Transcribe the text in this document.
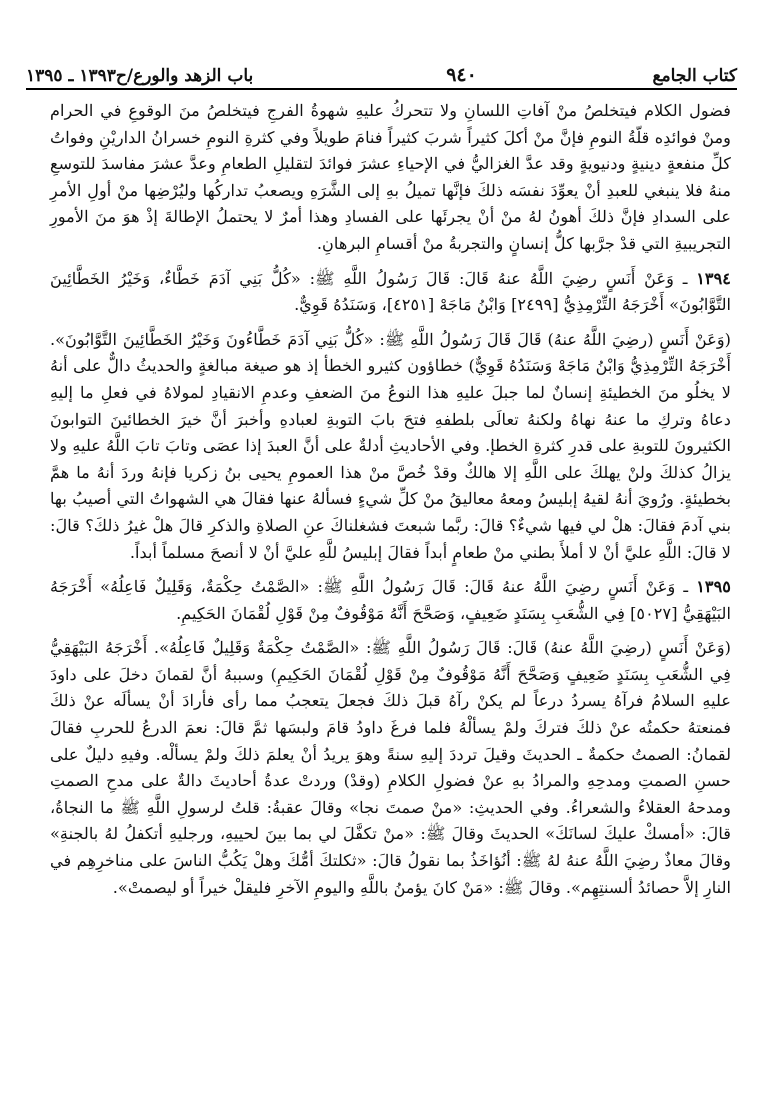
كتاب الجامع
٩٤٠
باب الزهد والورع/ح١٣٩٣ ـ ١٣٩٥

فضول الكلام فيتخلصُ منْ آفاتِ اللسانِ ولا تتحركُ عليهِ شهوةُ الفرجِ فيتخلصُ منَ الوقوعِ في الحرام ومنْ فوائدِه قلّةُ النومِ فإنَّ منْ أكلَ كثيراً شربَ كثيراً فنامَ طويلاً وفي كثرةِ النومِ خسرانُ الداريْنِ وفواتُ كلِّ منفعةٍ دينيةٍ ودنيويةٍ وقد عدَّ الغزاليُّ في الإحياءِ عشرَ فوائدَ لتقليلِ الطعامِ وعدَّ عشرَ مفاسدَ للتوسعِ منهُ فلا ينبغي للعبدِ أنْ يعوِّدَ نفسَه ذلكَ فإنَّها تميلُ بهِ إلى الشَّرَهِ ويصعبُ تداركُها وليُرْضِها منْ أولِ الأمرِ على السدادِ فإنَّ ذلكَ أهونُ لهُ منْ أنْ يجرئَها على الفسادِ وهذا أمرٌ لا يحتملُ الإطالةَ إذْ هوَ منَ الأمورِ التجريبيةِ التي قدْ جرَّبها كلُّ إنسانٍ والتجربةُ منْ أقسامِ البرهانِ.

١٣٩٤ ـ وَعَنْ أَنَسٍ رضِيَ اللَّهُ عنهُ قَالَ: قَالَ رَسُولُ اللَّهِ ﷺ: «كُلُّ بَنِي آدَمَ خَطَّاءٌ، وَخَيْرُ الخَطَّائِينَ التَّوَّابُونَ» أَخْرَجَهُ التِّرْمِذِيُّ [٢٤٩٩] وَابْنُ مَاجَهْ [٤٢٥١]، وَسَنَدُهُ قَوِيٌّ.

(وَعَنْ أَنَسٍ (رضِيَ اللَّهُ عنهُ) قَالَ قَالَ رَسُولُ اللَّهِ ﷺ: «كُلُّ بَنِي آدَمَ خَطَّاءُونَ وَخَيْرُ الخَطَّائِينَ التَّوَّابُونَ». أَخْرَجَهُ التِّرْمِذِيُّ وَابْنُ مَاجَهْ وَسَنَدُهُ قَوِيٌّ) خطاؤون كثيرو الخطأ إذ هو صيغة مبالغةٍ والحديثُ دالٌّ على أنهُ لا يخلُو منَ الخطيئةِ إنسانٌ لما جبلَ عليهِ هذا النوعُ منَ الضعفِ وعدمِ الانقيادِ لمولاهُ في فعلِ ما إليهِ دعاهُ وتركِ ما عنهُ نهاهُ ولكنهُ تعالَى بلطفهِ فتحَ بابَ التوبةِ لعبادهِ وأخبرَ أنَّ خيرَ الخطائينَ التوابونَ الكثيرونَ للتوبةِ على قدرِ كثرةِ الخطإ. وفي الأحاديثِ أدلةٌ على أنَّ العبدَ إذا عصَى وتابَ تابَ اللَّهُ عليهِ ولا يزالُ كذلكَ ولنْ يهلكَ على اللَّهِ إلا هالكٌ وقدْ خُصَّ منْ هذا العمومِ يحيى بنُ زكريا فإنهُ وردَ أنهُ ما همَّ بخطيئةٍ. ورُويَ أنهُ لقيهُ إبليسُ ومعهُ معاليقُ منْ كلِّ شيءٍ فسألهُ عنها فقالَ هي الشهواتُ التي أصيبُ بها بني آدمَ فقالَ: هلْ لي فيها شيءٌ؟ قالَ: ربَّما شبعتَ فشغلناكَ عنِ الصلاةِ والذكرِ قالَ هلْ غيرُ ذلكَ؟ قالَ: لا قالَ: اللَّهِ عليَّ أنْ لا أملأَ بطني منْ طعامٍ أبداً فقالَ إبليسُ للَّهِ عليَّ أنْ لا أنصحَ مسلماً أبداً.

١٣٩٥ ـ وَعَنْ أَنَسٍ رضِيَ اللَّهُ عنهُ قَالَ: قَالَ رَسُولُ اللَّهِ ﷺ: «الصَّمْتُ حِكْمَةٌ، وَقَلِيلٌ فَاعِلُهُ» أَخْرَجَهُ البَيْهَقِيُّ [٥٠٢٧] فِي الشُّعَبِ بِسَنَدٍ ضَعِيفٍ، وَصَحَّحَ أَنَّهُ مَوْقُوفٌ مِنْ قَوْلِ لُقْمَانَ الحَكِيمِ.

(وَعَنْ أَنَسٍ (رضِيَ اللَّهُ عنهُ) قَالَ: قَالَ رَسُولُ اللَّهِ ﷺ: «الصَّمْتُ حِكْمَةٌ وَقَلِيلٌ فَاعِلُهُ». أَخْرَجَهُ البَيْهَقِيُّ فِي الشُّعَبِ بِسَنَدٍ ضَعِيفٍ وَصَحَّحَ أَنَّهُ مَوْقُوفٌ مِنْ قَوْلِ لُقْمَانَ الحَكِيمِ) وسببهُ أنَّ لقمانَ دخلَ على داودَ عليهِ السلامُ فرآهُ يسردُ درعاً لم يكنْ رآهُ قبلَ ذلكَ فجعلَ يتعجبُ مما رأى فأرادَ أنْ يسألَه عنْ ذلكَ فمنعتهُ حكمتُه عنْ ذلكَ فتركَ ولمْ يسألْهُ فلما فرغَ داودُ قامَ ولبسَها ثمَّ قالَ: نعمَ الدرعُ للحربِ فقالَ لقمانُ: الصمتُ حكمةٌ ـ الحديثَ وقيلَ ترددَ إليهِ سنةً وهوَ يريدُ أنْ يعلمَ ذلكَ ولمْ يسألْه. وفيهِ دليلٌ على حسنِ الصمتِ ومدحِهِ والمرادُ بهِ عنْ فضولِ الكلامِ (وقدْ) وردتْ عدةُ أحاديثَ دالةٌ على مدحِ الصمتِ ومدحهُ العقلاءُ والشعراءُ. وفي الحديثِ: «منْ صمتَ نجا» وقالَ عقبةُ: قلتُ لرسولِ اللَّهِ ﷺ ما النجاةُ، قالَ: «أمسكْ عليكَ لسانَكَ» الحديثَ وقالَ ﷺ: «منْ تكفَّلَ لي بما بينَ لحييهِ، ورجليهِ أتكفلُ لهُ بالجنةِ» وقالَ معاذٌ رضِيَ اللَّهُ عنهُ لهُ ﷺ: أنُؤاخَذُ بما نقولُ قالَ: «ثكلتكَ أمُّكَ وهلْ يَكُبُّ الناسَ على مناخرِهِم في النارِ إلاَّ حصائدُ ألسنتِهِم». وقالَ ﷺ: «مَنْ كانَ يؤمنُ باللَّهِ واليومِ الآخرِ فليقلْ خيراً أو ليصمتْ».
